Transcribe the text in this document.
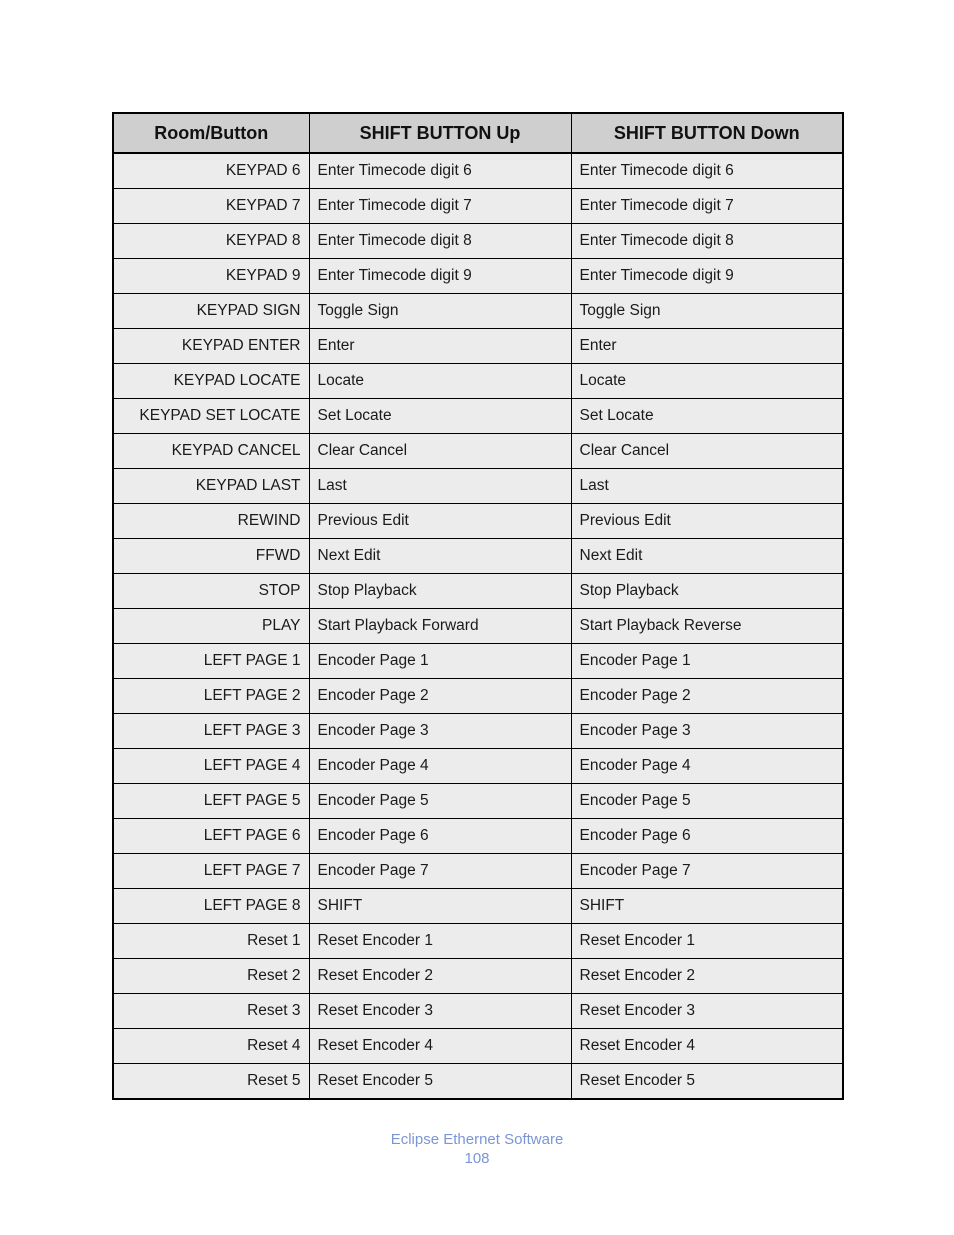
Room/Button	SHIFT BUTTON Up	SHIFT BUTTON Down
KEYPAD 6	Enter Timecode digit 6	Enter Timecode digit 6
KEYPAD 7	Enter Timecode digit 7	Enter Timecode digit 7
KEYPAD 8	Enter Timecode digit 8	Enter Timecode digit 8
KEYPAD 9	Enter Timecode digit 9	Enter Timecode digit 9
KEYPAD SIGN	Toggle Sign	Toggle Sign
KEYPAD ENTER	Enter	Enter
KEYPAD LOCATE	Locate	Locate
KEYPAD SET LOCATE	Set Locate	Set Locate
KEYPAD CANCEL	Clear Cancel	Clear Cancel
KEYPAD LAST	Last	Last
REWIND	Previous Edit	Previous Edit
FFWD	Next Edit	Next Edit
STOP	Stop Playback	Stop Playback
PLAY	Start Playback Forward	Start Playback Reverse
LEFT PAGE 1	Encoder Page 1	Encoder Page 1
LEFT PAGE 2	Encoder Page 2	Encoder Page 2
LEFT PAGE 3	Encoder Page 3	Encoder Page 3
LEFT PAGE 4	Encoder Page 4	Encoder Page 4
LEFT PAGE 5	Encoder Page 5	Encoder Page 5
LEFT PAGE 6	Encoder Page 6	Encoder Page 6
LEFT PAGE 7	Encoder Page 7	Encoder Page 7
LEFT PAGE 8	SHIFT	SHIFT
Reset 1	Reset Encoder 1	Reset Encoder 1
Reset 2	Reset Encoder 2	Reset Encoder 2
Reset 3	Reset Encoder 3	Reset Encoder 3
Reset 4	Reset Encoder 4	Reset Encoder 4
Reset 5	Reset Encoder 5	Reset Encoder 5
Eclipse Ethernet Software
108
